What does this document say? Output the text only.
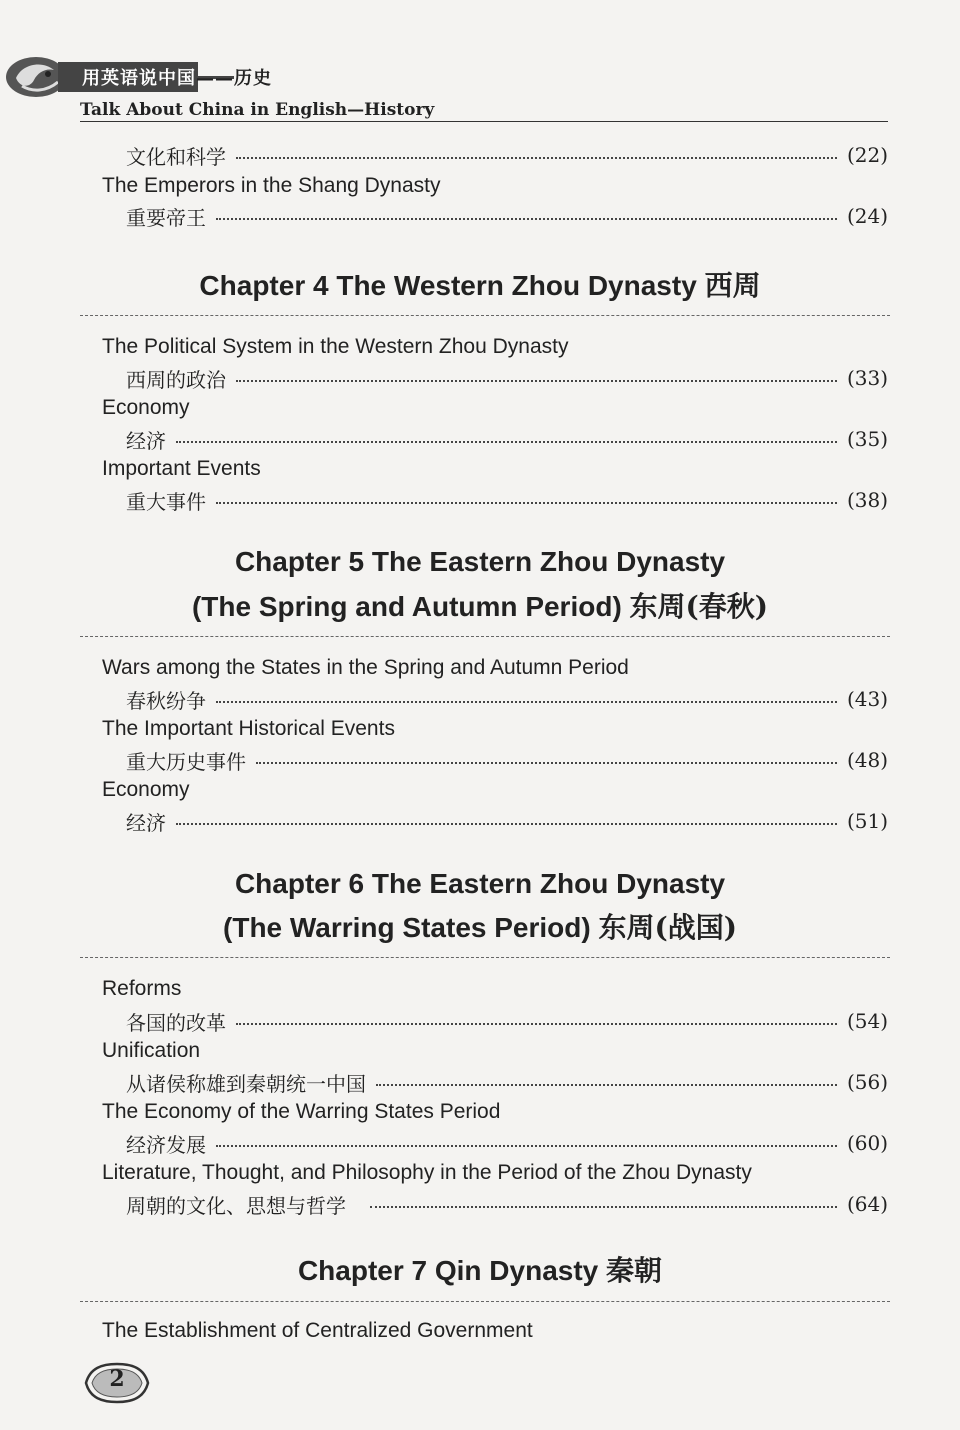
用英语说中国——历史
Talk About China in English—History
文化和科学	(22)
The Emperors in the Shang Dynasty
重要帝王	(24)
Chapter 4 The Western Zhou Dynasty 西周
The Political System in the Western Zhou Dynasty
西周的政治	(33)
Economy
经济	(35)
Important Events
重大事件	(38)
Chapter 5 The Eastern Zhou Dynasty
(The Spring and Autumn Period) 东周(春秋)
Wars among the States in the Spring and Autumn Period
春秋纷争	(43)
The Important Historical Events
重大历史事件	(48)
Economy
经济	(51)
Chapter 6 The Eastern Zhou Dynasty
(The Warring States Period) 东周(战国)
Reforms
各国的改革	(54)
Unification
从诸侯称雄到秦朝统一中国	(56)
The Economy of the Warring States Period
经济发展	(60)
Literature, Thought, and Philosophy in the Period of the Zhou Dynasty
周朝的文化、思想与哲学	(64)
Chapter 7 Qin Dynasty 秦朝
The Establishment of Centralized Government
2
